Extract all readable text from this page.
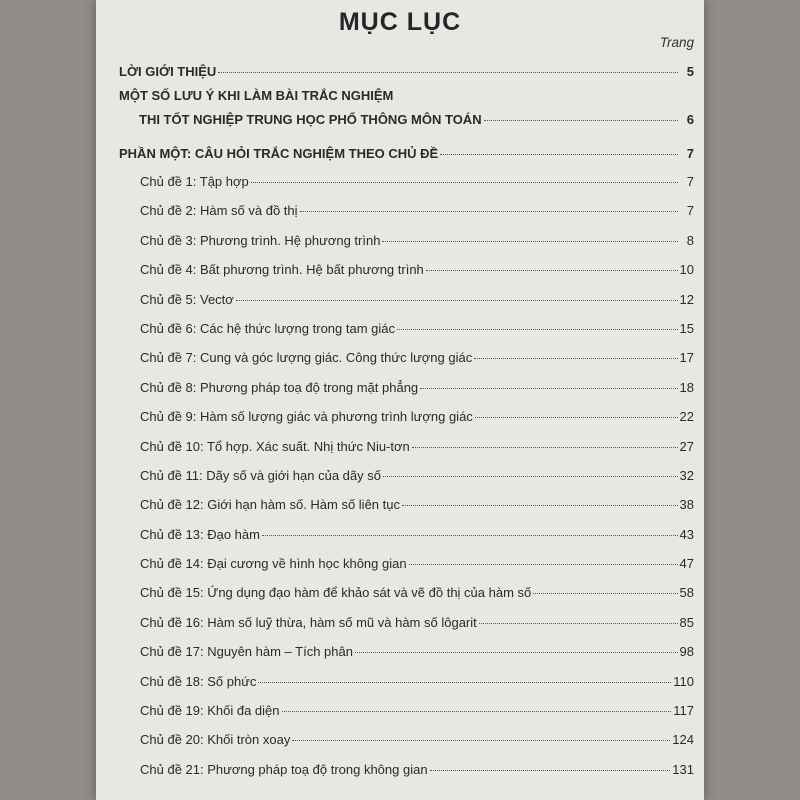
MỤC LỤC
Trang
LỜI GIỚI THIỆU	5
MỘT SỐ LƯU Ý KHI LÀM BÀI TRẮC NGHIỆM
THI TỐT NGHIỆP TRUNG HỌC PHỔ THÔNG MÔN TOÁN	6
PHẦN MỘT: CÂU HỎI TRẮC NGHIỆM THEO CHỦ ĐỀ	7
Chủ đề 1: Tập hợp	7
Chủ đề 2: Hàm số và đồ thị	7
Chủ đề 3: Phương trình. Hệ phương trình	8
Chủ đề 4: Bất phương trình. Hệ bất phương trình	10
Chủ đề 5: Vectơ	12
Chủ đề 6: Các hệ thức lượng trong tam giác	15
Chủ đề 7: Cung và góc lượng giác. Công thức lượng giác	17
Chủ đề 8: Phương pháp toạ độ trong mặt phẳng	18
Chủ đề 9: Hàm số lượng giác và phương trình lượng giác	22
Chủ đề 10: Tổ hợp. Xác suất. Nhị thức Niu-tơn	27
Chủ đề 11: Dãy số và giới hạn của dãy số	32
Chủ đề 12: Giới hạn hàm số. Hàm số liên tục	38
Chủ đề 13: Đạo hàm	43
Chủ đề 14: Đại cương về hình học không gian	47
Chủ đề 15: Ứng dụng đạo hàm để khảo sát và vẽ đồ thị của hàm số	58
Chủ đề 16: Hàm số luỹ thừa, hàm số mũ và hàm số lôgarit	85
Chủ đề 17: Nguyên hàm – Tích phân	98
Chủ đề 18: Số phức	110
Chủ đề 19: Khối đa diện	117
Chủ đề 20: Khối tròn xoay	124
Chủ đề 21: Phương pháp toạ độ trong không gian	131
